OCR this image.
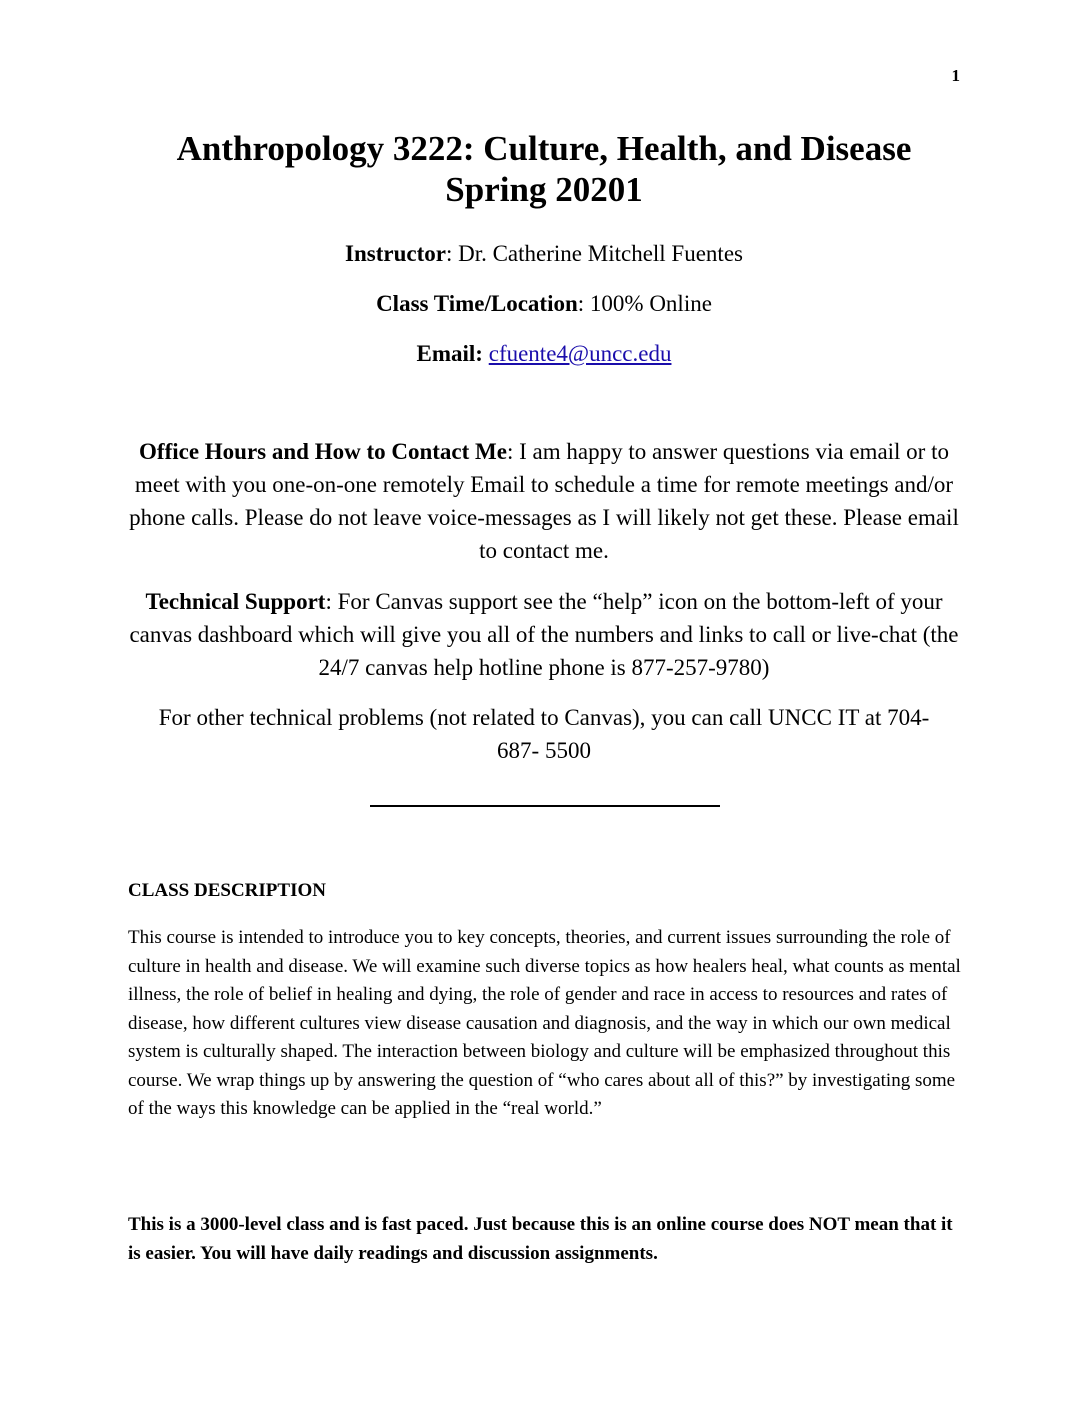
1

Anthropology 3222: Culture, Health, and Disease

Spring 20201

Instructor: Dr. Catherine Mitchell Fuentes

Class Time/Location: 100% Online

Email: cfuente4@uncc.edu

Office Hours and How to Contact Me: I am happy to answer questions via email or to meet with you one-on-one remotely Email to schedule a time for remote meetings and/or phone calls. Please do not leave voice-messages as I will likely not get these. Please email to contact me.

Technical Support: For Canvas support see the “help” icon on the bottom-left of your canvas dashboard which will give you all of the numbers and links to call or live-chat (the 24/7 canvas help hotline phone is 877-257-9780)

For other technical problems (not related to Canvas), you can call UNCC IT at 704-687- 5500

CLASS DESCRIPTION

This course is intended to introduce you to key concepts, theories, and current issues surrounding the role of culture in health and disease. We will examine such diverse topics as how healers heal, what counts as mental illness, the role of belief in healing and dying, the role of gender and race in access to resources and rates of disease, how different cultures view disease causation and diagnosis, and the way in which our own medical system is culturally shaped. The interaction between biology and culture will be emphasized throughout this course. We wrap things up by answering the question of “who cares about all of this?” by investigating some of the ways this knowledge can be applied in the “real world.”

This is a 3000-level class and is fast paced. Just because this is an online course does NOT mean that it is easier. You will have daily readings and discussion assignments.
